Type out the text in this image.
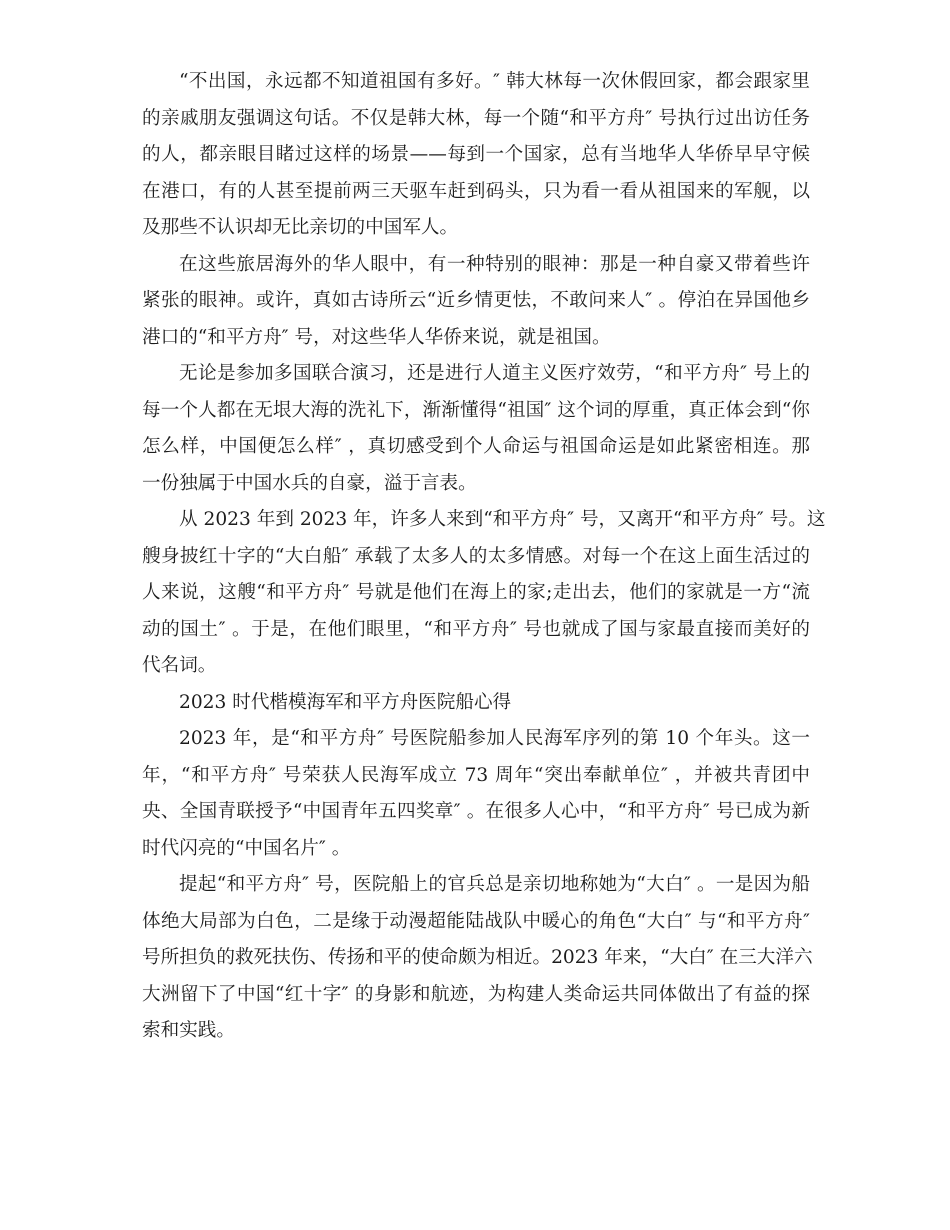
“不出国，永远都不知道祖国有多好。″ 韩大林每一次休假回家，都会跟家里
的亲戚朋友强调这句话。不仅是韩大林，每一个随“和平方舟″ 号执行过出访任务
的人，都亲眼目睹过这样的场景——每到一个国家，总有当地华人华侨早早守候
在港口，有的人甚至提前两三天驱车赶到码头，只为看一看从祖国来的军舰，以
及那些不认识却无比亲切的中国军人。
在这些旅居海外的华人眼中，有一种特别的眼神：那是一种自豪又带着些许
紧张的眼神。或许，真如古诗所云“近乡情更怯，不敢问来人″ 。停泊在异国他乡
港口的“和平方舟″ 号，对这些华人华侨来说，就是祖国。
无论是参加多国联合演习，还是进行人道主义医疗效劳，“和平方舟″ 号上的
每一个人都在无垠大海的洗礼下，渐渐懂得“祖国″ 这个词的厚重，真正体会到“你
怎么样，中国便怎么样″ ，真切感受到个人命运与祖国命运是如此紧密相连。那
一份独属于中国水兵的自豪，溢于言表。
从 2023 年到 2023 年，许多人来到“和平方舟″ 号，又离开“和平方舟″ 号。这
艘身披红十字的“大白船″ 承载了太多人的太多情感。对每一个在这上面生活过的
人来说，这艘“和平方舟″ 号就是他们在海上的家;走出去，他们的家就是一方“流
动的国土″ 。于是，在他们眼里，“和平方舟″ 号也就成了国与家最直接而美好的
代名词。
2023 时代楷模海军和平方舟医院船心得
2023 年，是“和平方舟″ 号医院船参加人民海军序列的第 10 个年头。这一
年，“和平方舟″ 号荣获人民海军成立 73 周年“突出奉献单位″ ，并被共青团中
央、全国青联授予“中国青年五四奖章″ 。在很多人心中，“和平方舟″ 号已成为新
时代闪亮的“中国名片″ 。
提起“和平方舟″ 号，医院船上的官兵总是亲切地称她为“大白″ 。一是因为船
体绝大局部为白色，二是缘于动漫超能陆战队中暖心的角色“大白″ 与“和平方舟″
号所担负的救死扶伤、传扬和平的使命颇为相近。2023 年来，“大白″ 在三大洋六
大洲留下了中国“红十字″ 的身影和航迹，为构建人类命运共同体做出了有益的探
索和实践。
